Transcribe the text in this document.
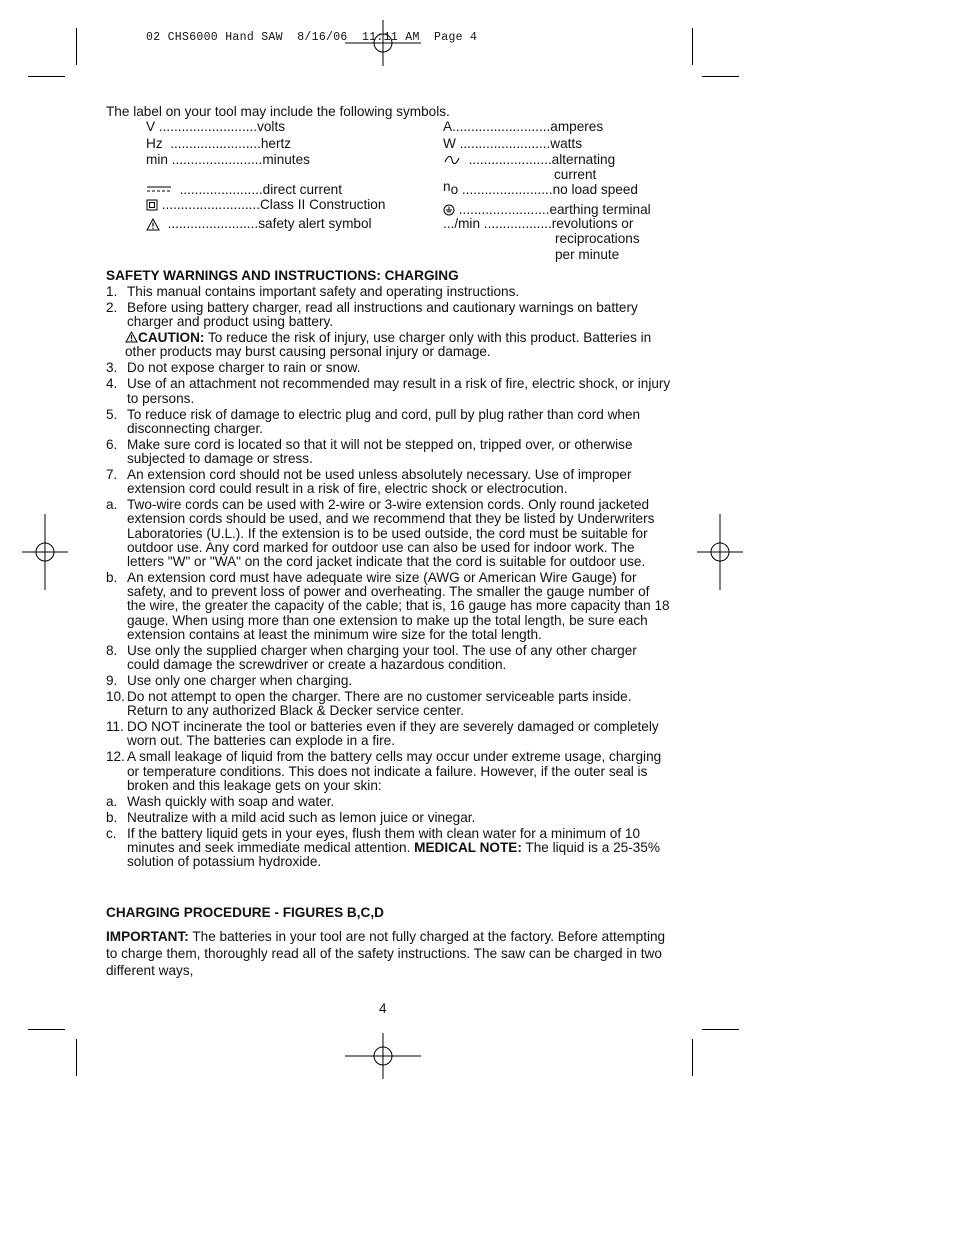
02 CHS6000 Hand SAW  8/16/06  11:11 AM  Page 4
The label on your tool may include the following symbols.
V ..........................volts
Hz ........................hertz
min ........................minutes
......................direct current
..........................Class II Construction
........................safety alert symbol
A..........................amperes
W ........................watts
......................alternating
current
no ........................no load speed
........................earthing terminal
.../min ..................revolutions or
reciprocations
per minute
SAFETY WARNINGS AND INSTRUCTIONS: CHARGING
1. This manual contains important safety and operating instructions.
2. Before using battery charger, read all instructions and cautionary warnings on battery charger and product using battery.
CAUTION: To reduce the risk of injury, use charger only with this product. Batteries in other products may burst causing personal injury or damage.
3. Do not expose charger to rain or snow.
4. Use of an attachment not recommended may result in a risk of fire, electric shock, or injury to persons.
5. To reduce risk of damage to electric plug and cord, pull by plug rather than cord when disconnecting charger.
6. Make sure cord is located so that it will not be stepped on, tripped over, or otherwise subjected to damage or stress.
7. An extension cord should not be used unless absolutely necessary. Use of improper extension cord could result in a risk of fire, electric shock or electrocution.
a. Two-wire cords can be used with 2-wire or 3-wire extension cords. Only round jacketed extension cords should be used, and we recommend that they be listed by Underwriters Laboratories (U.L.). If the extension is to be used outside, the cord must be suitable for outdoor use. Any cord marked for outdoor use can also be used for indoor work. The letters "W" or "WA" on the cord jacket indicate that the cord is suitable for outdoor use.
b. An extension cord must have adequate wire size (AWG or American Wire Gauge) for safety, and to prevent loss of power and overheating. The smaller the gauge number of the wire, the greater the capacity of the cable; that is, 16 gauge has more capacity than 18 gauge. When using more than one extension to make up the total length, be sure each extension contains at least the minimum wire size for the total length.
8. Use only the supplied charger when charging your tool. The use of any other charger could damage the screwdriver or create a hazardous condition.
9. Use only one charger when charging.
10. Do not attempt to open the charger. There are no customer serviceable parts inside. Return to any authorized Black & Decker service center.
11. DO NOT incinerate the tool or batteries even if they are severely damaged or completely worn out. The batteries can explode in a fire.
12. A small leakage of liquid from the battery cells may occur under extreme usage, charging or temperature conditions. This does not indicate a failure. However, if the outer seal is broken and this leakage gets on your skin:
a. Wash quickly with soap and water.
b. Neutralize with a mild acid such as lemon juice or vinegar.
c. If the battery liquid gets in your eyes, flush them with clean water for a minimum of 10 minutes and seek immediate medical attention. MEDICAL NOTE: The liquid is a 25-35% solution of potassium hydroxide.
CHARGING PROCEDURE - FIGURES B,C,D
IMPORTANT: The batteries in your tool are not fully charged at the factory. Before attempting to charge them, thoroughly read all of the safety instructions. The saw can be charged in two different ways,
4
